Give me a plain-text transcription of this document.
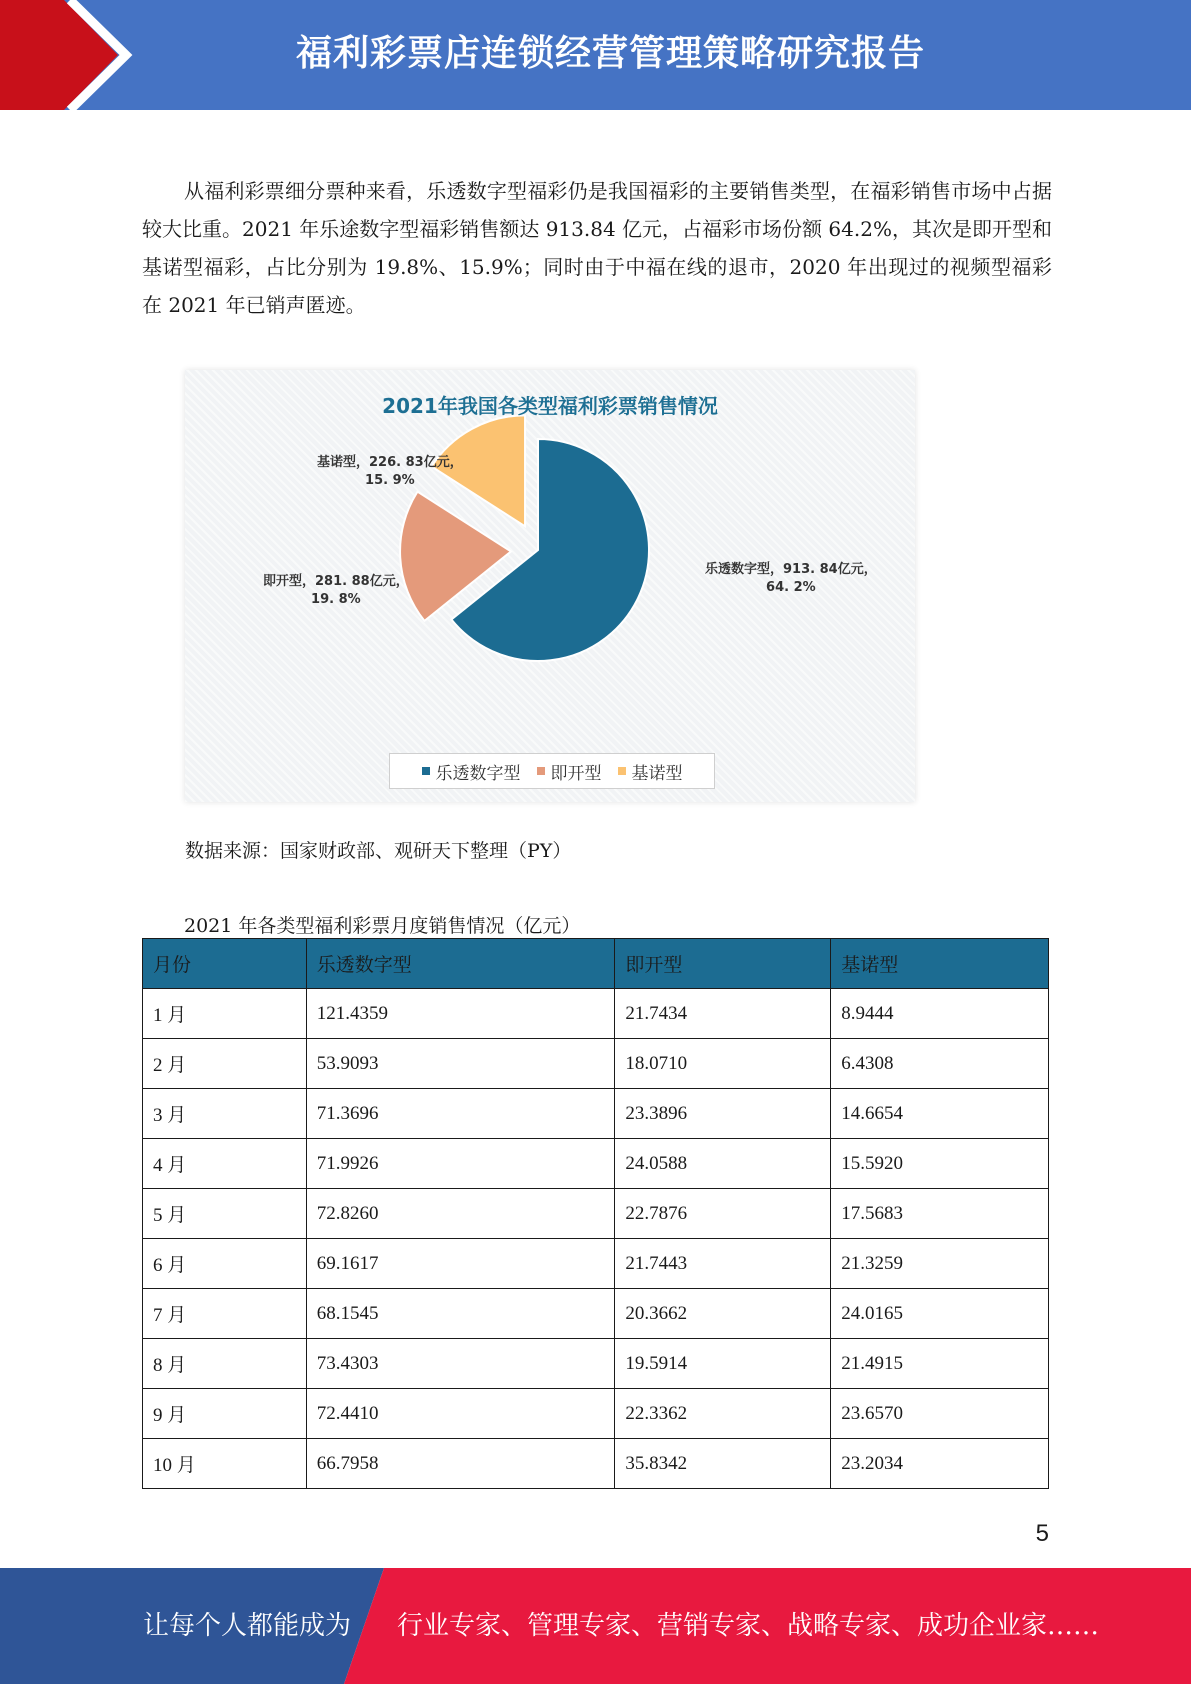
福利彩票店连锁经营管理策略研究报告

从福利彩票细分票种来看，乐透数字型福彩仍是我国福彩的主要销售类型，在福彩销售市场中占据较大比重。2021 年乐途数字型福彩销售额达 913.84 亿元，占福彩市场份额 64.2%，其次是即开型和基诺型福彩，占比分别为 19.8%、15.9%；同时由于中福在线的退市，2020 年出现过的视频型福彩在 2021 年已销声匿迹。

2021年我国各类型福利彩票销售情况
乐透数字型，913. 84亿元，
64. 2%
即开型，281. 88亿元，
19. 8%
基诺型，226. 83亿元，
15. 9%
乐透数字型 即开型 基诺型
数据来源：国家财政部、观研天下整理（PY）
2021 年各类型福利彩票月度销售情况（亿元）
月份	乐透数字型	即开型	基诺型
1 月	121.4359	21.7434	8.9444
2 月	53.9093	18.0710	6.4308
3 月	71.3696	23.3896	14.6654
4 月	71.9926	24.0588	15.5920
5 月	72.8260	22.7876	17.5683
6 月	69.1617	21.7443	21.3259
7 月	68.1545	20.3662	24.0165
8 月	73.4303	19.5914	21.4915
9 月	72.4410	22.3362	23.6570
10 月	66.7958	35.8342	23.2034
5
让每个人都能成为 行业专家、管理专家、营销专家、战略专家、成功企业家……
